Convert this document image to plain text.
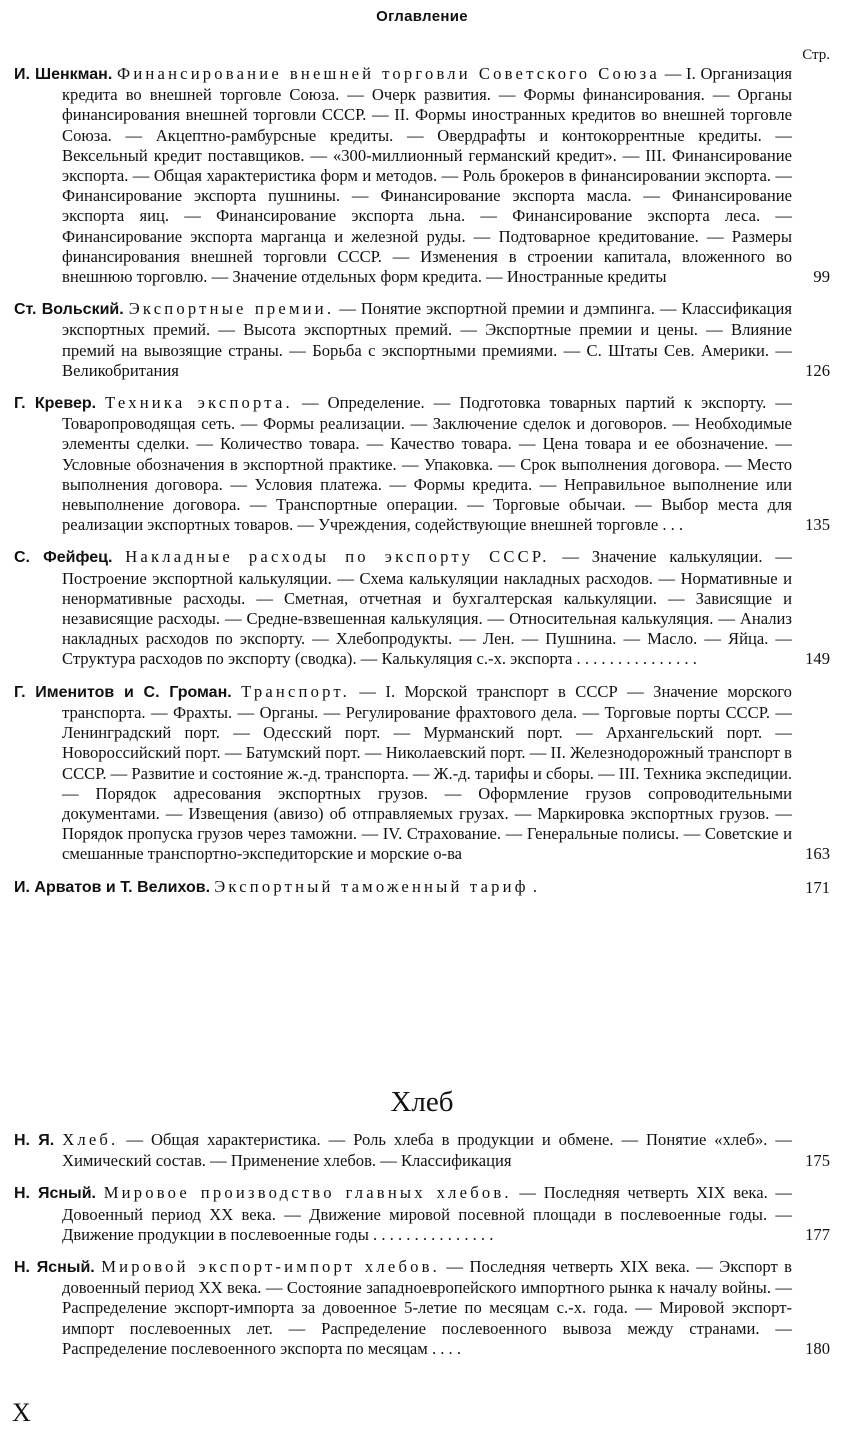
Оглавление
Стр.
И. Шенкман. Финансирование внешней торговли Советского Союза — I. Организация кредита во внешней торговле Союза. — Очерк развития. — Формы финансирования. — Органы финансирования внешней торговли СССР. — II. Формы иностранных кредитов во внешней торговле Союза. — Акцептно-рамбурсные кредиты. — Овердрафты и контокоррентные кредиты. — Вексельный кредит поставщиков. — «300-миллионный германский кредит». — III. Финансирование экспорта. — Общая характеристика форм и методов. — Роль брокеров в финансировании экспорта. — Финансирование экспорта пушнины. — Финансирование экспорта масла. — Финансирование экспорта яиц. — Финансирование экспорта льна. — Финансирование экспорта леса. — Финансирование экспорта марганца и железной руды. — Подтоварное кредитование. — Размеры финансирования внешней торговли СССР. — Изменения в строении капитала, вложенного во внешнюю торговлю. — Значение отдельных форм кредита. — Иностранные кредиты	99
Ст. Вольский. Экспортные премии. — Понятие экспортной премии и дэмпинга. — Классификация экспортных премий. — Высота экспортных премий. — Экспортные премии и цены. — Влияние премий на вывозящие страны. — Борьба с экспортными премиями. — С. Штаты Сев. Америки. — Великобритания	126
Г. Кревер. Техника экспорта. — Определение. — Подготовка товарных партий к экспорту. — Товаропроводящая сеть. — Формы реализации. — Заключение сделок и договоров. — Необходимые элементы сделки. — Количество товара. — Качество товара. — Цена товара и ее обозначение. — Условные обозначения в экспортной практике. — Упаковка. — Срок выполнения договора. — Место выполнения договора. — Условия платежа. — Формы кредита. — Неправильное выполнение или невыполнение договора. — Транспортные операции. — Торговые обычаи. — Выбор места для реализации экспортных товаров. — Учреждения, содействующие внешней торговле . . .	135
С. Фейфец. Накладные расходы по экспорту СССР. — Значение калькуляции. — Построение экспортной калькуляции. — Схема калькуляции накладных расходов. — Нормативные и ненормативные расходы. — Сметная, отчетная и бухгалтерская калькуляции. — Зависящие и независящие расходы. — Средне-взвешенная калькуляция. — Относительная калькуляция. — Анализ накладных расходов по экспорту. — Хлебопродукты. — Лен. — Пушнина. — Масло. — Яйца. — Структура расходов по экспорту (сводка). — Калькуляция с.-х. экспорта . . . . . . . . . . . . . . .	149
Г. Именитов и С. Громан. Транспорт. — I. Морской транспорт в СССР — Значение морского транспорта. — Фрахты. — Органы. — Регулирование фрахтового дела. — Торговые порты СССР. — Ленинградский порт. — Одесский порт. — Мурманский порт. — Архангельский порт. — Новороссийский порт. — Батумский порт. — Николаевский порт. — II. Железнодорожный транспорт в СССР. — Развитие и состояние ж.-д. транспорта. — Ж.-д. тарифы и сборы. — III. Техника экспедиции. — Порядок адресования экспортных грузов. — Оформление грузов сопроводительными документами. — Извещения (авизо) об отправляемых грузах. — Маркировка экспортных грузов. — Порядок пропуска грузов через таможни. — IV. Страхование. — Генеральные полисы. — Советские и смешанные транспортно-экспедиторские и морские о-ва	163
И. Арватов и Т. Велихов. Экспортный таможенный тариф .	171
Хлеб
Н. Я. Хлеб. — Общая характеристика. — Роль хлеба в продукции и обмене. — Понятие «хлеб». — Химический состав. — Применение хлебов. — Классификация	175
Н. Ясный. Мировое производство главных хлебов. — Последняя четверть XIX века. — Довоенный период XX века. — Движение мировой посевной площади в послевоенные годы. — Движение продукции в послевоенные годы . . . . . . . . . . . . . . .	177
Н. Ясный. Мировой экспорт-импорт хлебов. — Последняя четверть XIX века. — Экспорт в довоенный период XX века. — Состояние западноевропейского импортного рынка к началу войны. — Распределение экспорт-импорта за довоенное 5-летие по месяцам с.-х. года. — Мировой экспорт-импорт послевоенных лет. — Распределение послевоенного вывоза между странами. — Распределение послевоенного экспорта по месяцам . . . .	180
X
